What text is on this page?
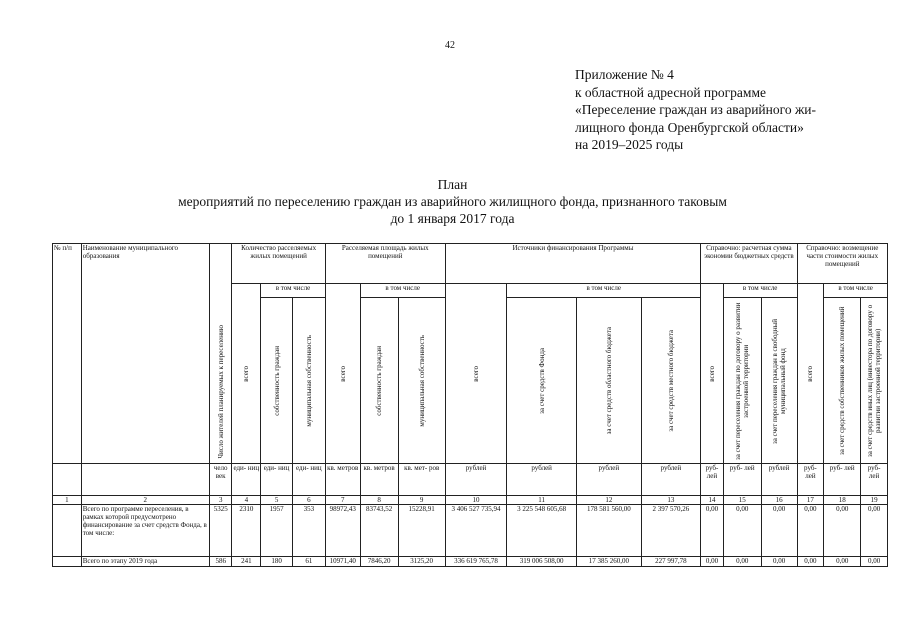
42
Приложение № 4
к областной адресной программе
«Переселение граждан из аварийного жи-
лищного фонда Оренбургской области»
на 2019–2025 годы
План
мероприятий по переселению граждан из аварийного жилищного фонда, признанного таковым
до 1 января 2017 года
№ п/п	Наименование муниципального образования	Число жителей планируемых к переселению	Количество расселяемых жилых помещений			Расселяемая площадь жилых помещений			Источники финансирования Программы				Справочно: расчетная сумма экономии бюджетных средств			Справочно: возмещение части стоимости жилых помещений		

			всего	в том числе		всего	в том числе		всего	в том числе			всего	в том числе		всего	в том числе	

				собственность граждан	муниципальная собственность		собственность граждан	муниципальная собственность		за счет средств Фонда	за счет средств областного бюджета	за счет средств местного бюджета		за счет переселения граждан по договору о развитии застроенной территории	за счет переселения граждан в свободный муниципальный фонд		за счет средств собственников жилых помещений	за счет средств иных лиц (инвестора по договору о развитии застроенной территории)

		чело век	еди- ниц	еди- ниц	еди- ниц	кв. метров	кв. метров	кв. мет- ров	рублей	рублей	рублей	рублей	руб- лей	руб- лей	рублей	руб- лей	руб- лей	руб- лей
1	2	3	4	5	6	7	8	9	10	11	12	13	14	15	16	17	18	19
	Всего по программе переселения, в рамках которой предусмотрено финансирование за счет средств Фонда, в том числе:	5325	2310	1957	353	98972,43	83743,52	15228,91	3 406 527 735,94	3 225 548 605,68	178 581 560,00	2 397 570,26	0,00	0,00	0,00	0,00	0,00	0,00
	Всего по этапу 2019 года	586	241	180	61	10971,40	7846,20	3125,20	336 619 765,78	319 006 508,00	17 385 260,00	227 997,78	0,00	0,00	0,00	0,00	0,00	0,00
